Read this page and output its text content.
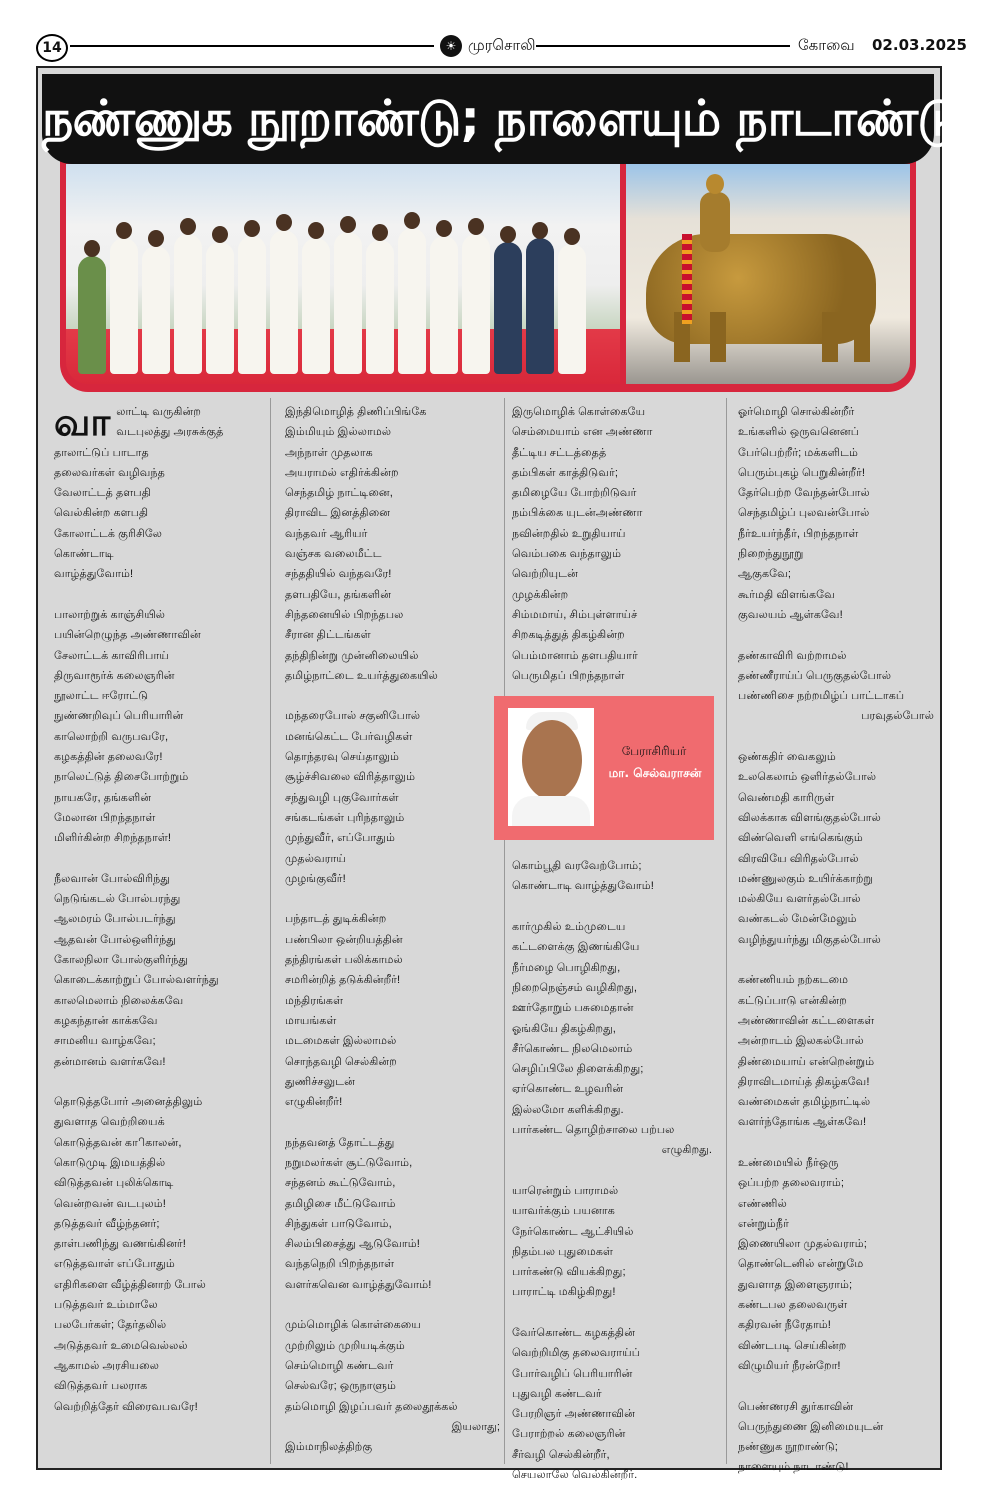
14	☀ முரசொலி	கோவை 02.03.2025
நண்ணுக நூறாண்டு; நாளையும் நாடாண்டு!
வா லாட்டி வருகின்ற
வடபுலத்து அரசுக்குத்
தாலாட்டுப் பாடாத
தலைவர்கள் வழிவந்த
வேலாட்டத் தளபதி
வெல்கின்ற களபதி
கோலாட்டக் குரிசிலே
கொண்டாடி
வாழ்த்துவோம்!
பாலாற்றுக் காஞ்சியில்
பயின்றெழுந்த அண்ணாவின்
சேலாட்டக் காவிரிபாய்
திருவாரூர்க் கலைஞரின்
நூலாட்ட ஈரோட்டு
நுண்ணறிவுப் பெரியாரின்
காலொற்றி வருபவரே,
கழகத்தின் தலைவரே!
நாலெட்டுத் திசைபோற்றும்
நாயகரே, தங்களின்
மேலான பிறந்தநாள்
மிளிர்கின்ற சிறந்தநாள்!
நீலவான் போல்விரிந்து
நெடுங்கடல் போல்பரந்து
ஆலமரம் போல்படர்ந்து
ஆதவன் போல்ஒளிர்ந்து
கோலநிலா போல்குளிர்ந்து
கொடைக்காற்றுப் போல்வளர்ந்து
காலமெலாம் நிலைக்கவே
கழகந்தான் காக்கவே
சாமனிய வாழ்கவே;
தன்மானம் வளர்கவே!
தொடுத்தபோர் அனைத்திலும்
துவளாத வெற்றியைக்
கொடுத்தவன் காிகாலன்,
கொடுமுடி இமயத்தில்
விடுத்தவன் புலிக்கொடி
வென்றவன் வடபுலம்!
தடுத்தவர் வீழ்ந்தனர்;
தாள்பணிந்து வணங்கினர்!
எடுத்தவாள் எப்போதும்
எதிரிகளை வீழ்த்தினாற் போல்
படுத்தவர் உம்மாலே
பலபேர்கள்; தேர்தலில்
அடுத்தவர் உமைவெல்லல்
ஆகாமல் அரசியலை
விடுத்தவர் பலராக
வெற்றித்தேர் விரைவபவரே!
இந்திமொழித் திணிப்பிங்கே
இம்மியும் இல்லாமல்
அந்நாள் முதலாக
அயராமல் எதிர்க்கின்ற
செந்தமிழ் நாட்டினை,
திராவிட இனத்தினை
வந்தவர் ஆரியர்
வஞ்சக வலைமீட்ட
சந்ததியில் வந்தவரே!
தளபதியே, தங்களின்
சிந்தனையில் பிறந்தபல
சீரான திட்டங்கள்
தந்திநின்று முன்னிலையில்
தமிழ்நாட்டை உயர்த்துகையில்
மந்தரைபோல் சகுனிபோல்
மனங்கெட்ட பேர்வழிகள்
தொந்தரவு செய்தாலும்
சூழ்ச்சிவலை விரித்தாலும்
சந்துவழி புகுவோர்கள்
சங்கடங்கள் புரிந்தாலும்
முந்துவீர், எப்போதும்
முதல்வராய்
முழங்குவீர்!
பந்தாடத் துடிக்கின்ற
பண்பிலா ஒன்றியத்தின்
தந்திரங்கள் பலிக்காமல்
சமரின்றித் தடுக்கின்றீர்!
மந்திரங்கள்
மாயங்கள்
மடமைகள் இல்லாமல்
சொந்தவழி செல்கின்ற
துணிச்சலுடன்
எழுகின்றீர்!
நந்தவனத் தோட்டத்து
நறுமலர்கள் சூட்டுவோம்,
சந்தனம் கூட்டுவோம்,
தமிழிசை மீட்டுவோம்
சிந்துகள் பாடுவோம்,
சிலம்பிசைத்து ஆடுவோம்!
வந்தநெறி பிறந்தநாள்
வளர்கவென வாழ்த்துவோம்!
மும்மொழிக் கொள்கையை
முற்றிலும் முறியடிக்கும்
செம்மொழி கண்டவர்
செல்வரே; ஒருநாளும்
தம்மொழி இழப்பவர் தலைதூக்கல்
இயலாது;
இம்மாநிலத்திற்கு
இருமொழிக் கொள்கையே
செம்மையாம் என அண்ணா
தீட்டிய சட்டத்தைத்
தம்பிகள் காத்திடுவர்;
தமிழையே போற்றிடுவர்
நம்பிக்கை யுடன்அண்ணா
நவின்றதில் உறுதியாய்
வெம்பகை வந்தாலும்
வெற்றியுடன்
முழக்கின்ற
சிம்மமாய், சிம்புள்ளாய்ச்
சிறகடித்துத் திகழ்கின்ற
பெம்மானாம் தளபதியார்
பெருமிதப் பிறந்தநாள்
கொம்பூதி வரவேற்போம்;
கொண்டாடி வாழ்த்துவோம்!
கார்முகில் உம்முடைய
கட்டளைக்கு இணங்கியே
நீர்மழை பொழிகிறது,
நிறைநெஞ்சம் வழிகிறது,
ஊர்தோறும் பசுமைதான்
ஓங்கியே திகழ்கிறது,
சீர்கொண்ட நிலமெலாம்
செழிப்பிலே திளைக்கிறது;
ஏர்கொண்ட உழவரின்
இல்லமோ களிக்கிறது.
பார்கண்ட தொழிற்சாலை பற்பல
எழுகிறது.
யாரென்றும் பாராமல்
யாவர்க்கும் பயனாக
நேர்கொண்ட ஆட்சியில்
நிதம்பல புதுமைகள்
பார்கண்டு வியக்கிறது;
பாராட்டி மகிழ்கிறது!
வேர்கொண்ட கழகத்தின்
வெற்றிமிகு தலைவராய்ப்
போர்வழிப் பெரியாரின்
புதுவழி கண்டவர்
பேரறிஞர் அண்ணாவின்
பேராற்றல் கலைஞரின்
சீர்வழி செல்கின்றீர்,
செயலாலே வெல்கின்றீர்.
பேராசிரியர்
மா. செல்வராசன்
ஓர்மொழி சொல்கின்றீர்
உங்களில் ஒருவனெனப்
பேர்பெற்றீர்; மக்களிடம்
பெரும்புகழ் பெறுகின்றீர்!
தேர்பெற்ற வேந்தன்போல்
செந்தமிழ்ப் புலவன்போல்
நீர்உயர்ந்தீர், பிறந்தநாள்
நிறைந்துநூறு
ஆகுகவே;
கூர்மதி விளங்கவே
குவலயம் ஆள்கவே!
தண்காவிரி வற்றாமல்
தண்ணீராய்ப் பெருகுதல்போல்
பண்ணிசை நற்றமிழ்ப் பாட்டாகப்
பரவுதல்போல்
ஒண்கதிர் வைகலும்
உலகெலாம் ஒளிர்தல்போல்
வெண்மதி காரிருள்
விலக்காக விளங்குதல்போல்
விண்வெளி எங்கெங்கும்
விரவியே விரிதல்போல்
மண்ணுலகும் உயிர்க்காற்று
மல்கியே வளர்தல்போல்
வண்கடல் மேன்மேலும்
வழிந்துயர்ந்து மிகுதல்போல்
கண்ணியம் நற்கடமை
கட்டுப்பாடு என்கின்ற
அண்ணாவின் கட்டளைகள்
அன்றாடம் இலகல்போல்
திண்மையாய் என்றென்றும்
திராவிடமாய்த் திகழ்கவே!
வண்மைகள் தமிழ்நாட்டில்
வளர்ந்தோங்க ஆள்கவே!
உண்மையில் நீர்ஒரு
ஒப்பற்ற தலைவராம்;
எண்ணில்
என்றும்நீர்
இணையிலா முதல்வராம்;
தொண்டெனில் என்றுமே
துவளாத இளைஞராம்;
கண்டபல தலைவருள்
கதிரவன் நீரேதாம்!
விண்டபடி செய்கின்ற
விழுமியர் நீரன்றோ!
பெண்ணரசி துர்காவின்
பெருந்துணை இனிமையுடன்
நண்ணுக நூறாண்டு;
நாளையும் நாடாண்டு!
